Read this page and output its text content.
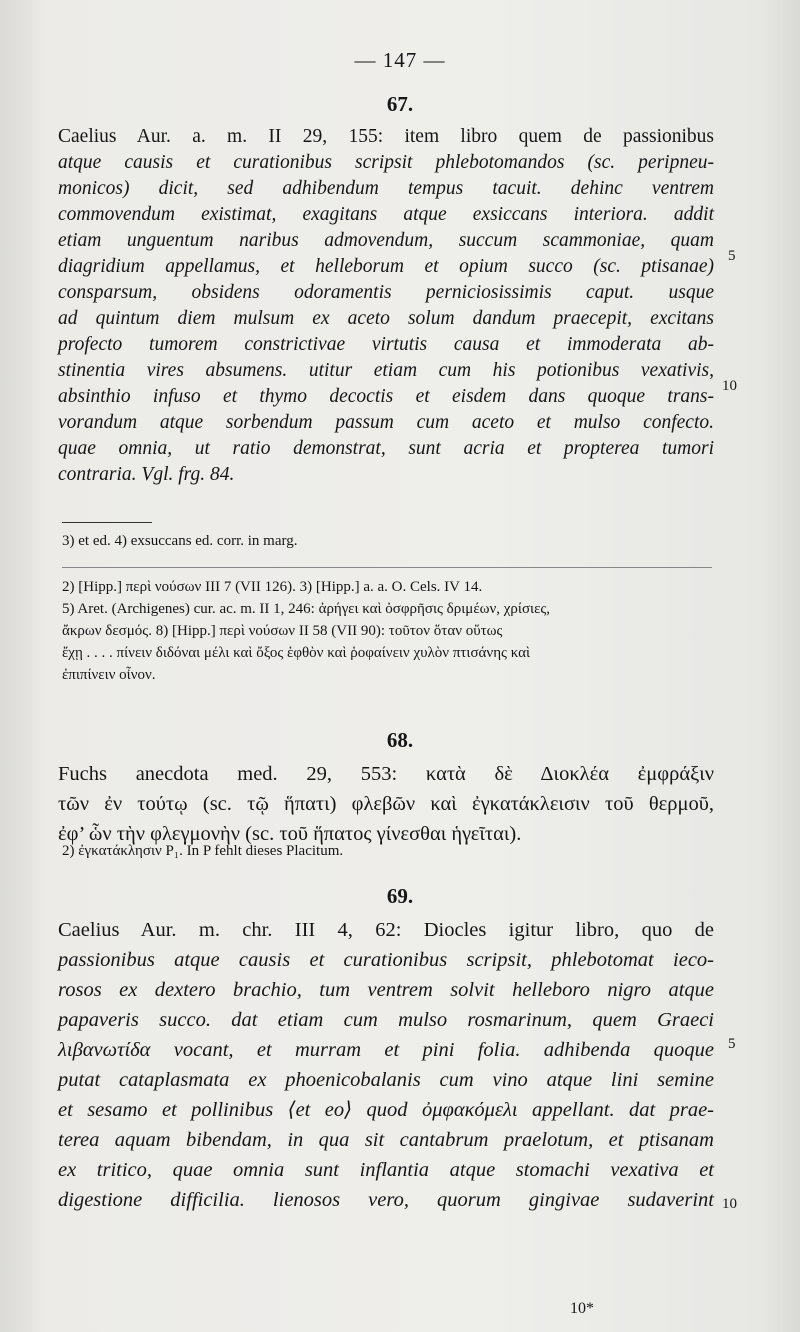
— 147 —
67.
Caelius Aur. a. m. II 29, 155: item libro quem de passionibus
atque causis et curationibus scripsit phlebotomandos (sc. peripneu-
monicos) dicit, sed adhibendum tempus tacuit. dehinc ventrem
commovendum existimat, exagitans atque exsiccans interiora. addit
etiam unguentum naribus admovendum, succum scammoniae, quam
diagridium appellamus, et helleborum et opium succo (sc. ptisanae)
consparsum, obsidens odoramentis perniciosissimis caput. usque
ad quintum diem mulsum ex aceto solum dandum praecepit, excitans
profecto tumorem constrictivae virtutis causa et immoderata ab-
stinentia vires absumens. utitur etiam cum his potionibus vexativis,
absinthio infuso et thymo decoctis et eisdem dans quoque trans-
vorandum atque sorbendum passum cum aceto et mulso confecto.
quae omnia, ut ratio demonstrat, sunt acria et propterea tumori
contraria. Vgl. frg. 84.
5
10
3) et ed. 4) exsuccans ed. corr. in marg.
2) [Hipp.] περὶ νούσων III 7 (VII 126). 3) [Hipp.] a. a. O. Cels. IV 14.
5) Aret. (Archigenes) cur. ac. m. II 1, 246: ἀρήγει καὶ ὀσφρῆσις δριμέων, χρίσιες,
ἄκρων δεσμός. 8) [Hipp.] περὶ νούσων II 58 (VII 90): τοῦτον ὅταν οὕτως
ἔχῃ . . . . πίνειν διδόναι μέλι καὶ ὄξος ἑφθὸν καὶ ῥοφαίνειν χυλὸν πτισάνης καὶ
ἐπιπίνειν οἶνον.
68.
Fuchs anecdota med. 29, 553: κατὰ δὲ Διοκλέα ἐμφράξιν
τῶν ἐν τούτῳ (sc. τῷ ἥπατι) φλεβῶν καὶ ἐγκατάκλεισιν τοῦ θερμοῦ,
ἐφ’ ὧν τὴν φλεγμονὴν (sc. τοῦ ἥπατος γίνεσθαι ἡγεῖται).
2) ἐγκατάκλησιν P₁. In P fehlt dieses Placitum.
69.
Caelius Aur. m. chr. III 4, 62: Diocles igitur libro, quo de
passionibus atque causis et curationibus scripsit, phlebotomat ieco-
rosos ex dextero brachio, tum ventrem solvit helleboro nigro atque
papaveris succo. dat etiam cum mulso rosmarinum, quem Graeci
λιβανωτίδα vocant, et murram et pini folia. adhibenda quoque
putat cataplasmata ex phoenicobalanis cum vino atque lini semine
et sesamo et pollinibus ⟨et eo⟩ quod ὀμφακόμελι appellant. dat prae-
terea aquam bibendam, in qua sit cantabrum praelotum, et ptisanam
ex tritico, quae omnia sunt inflantia atque stomachi vexativa et
digestione difficilia. lienosos vero, quorum gingivae sudaverint
5
10
10*
